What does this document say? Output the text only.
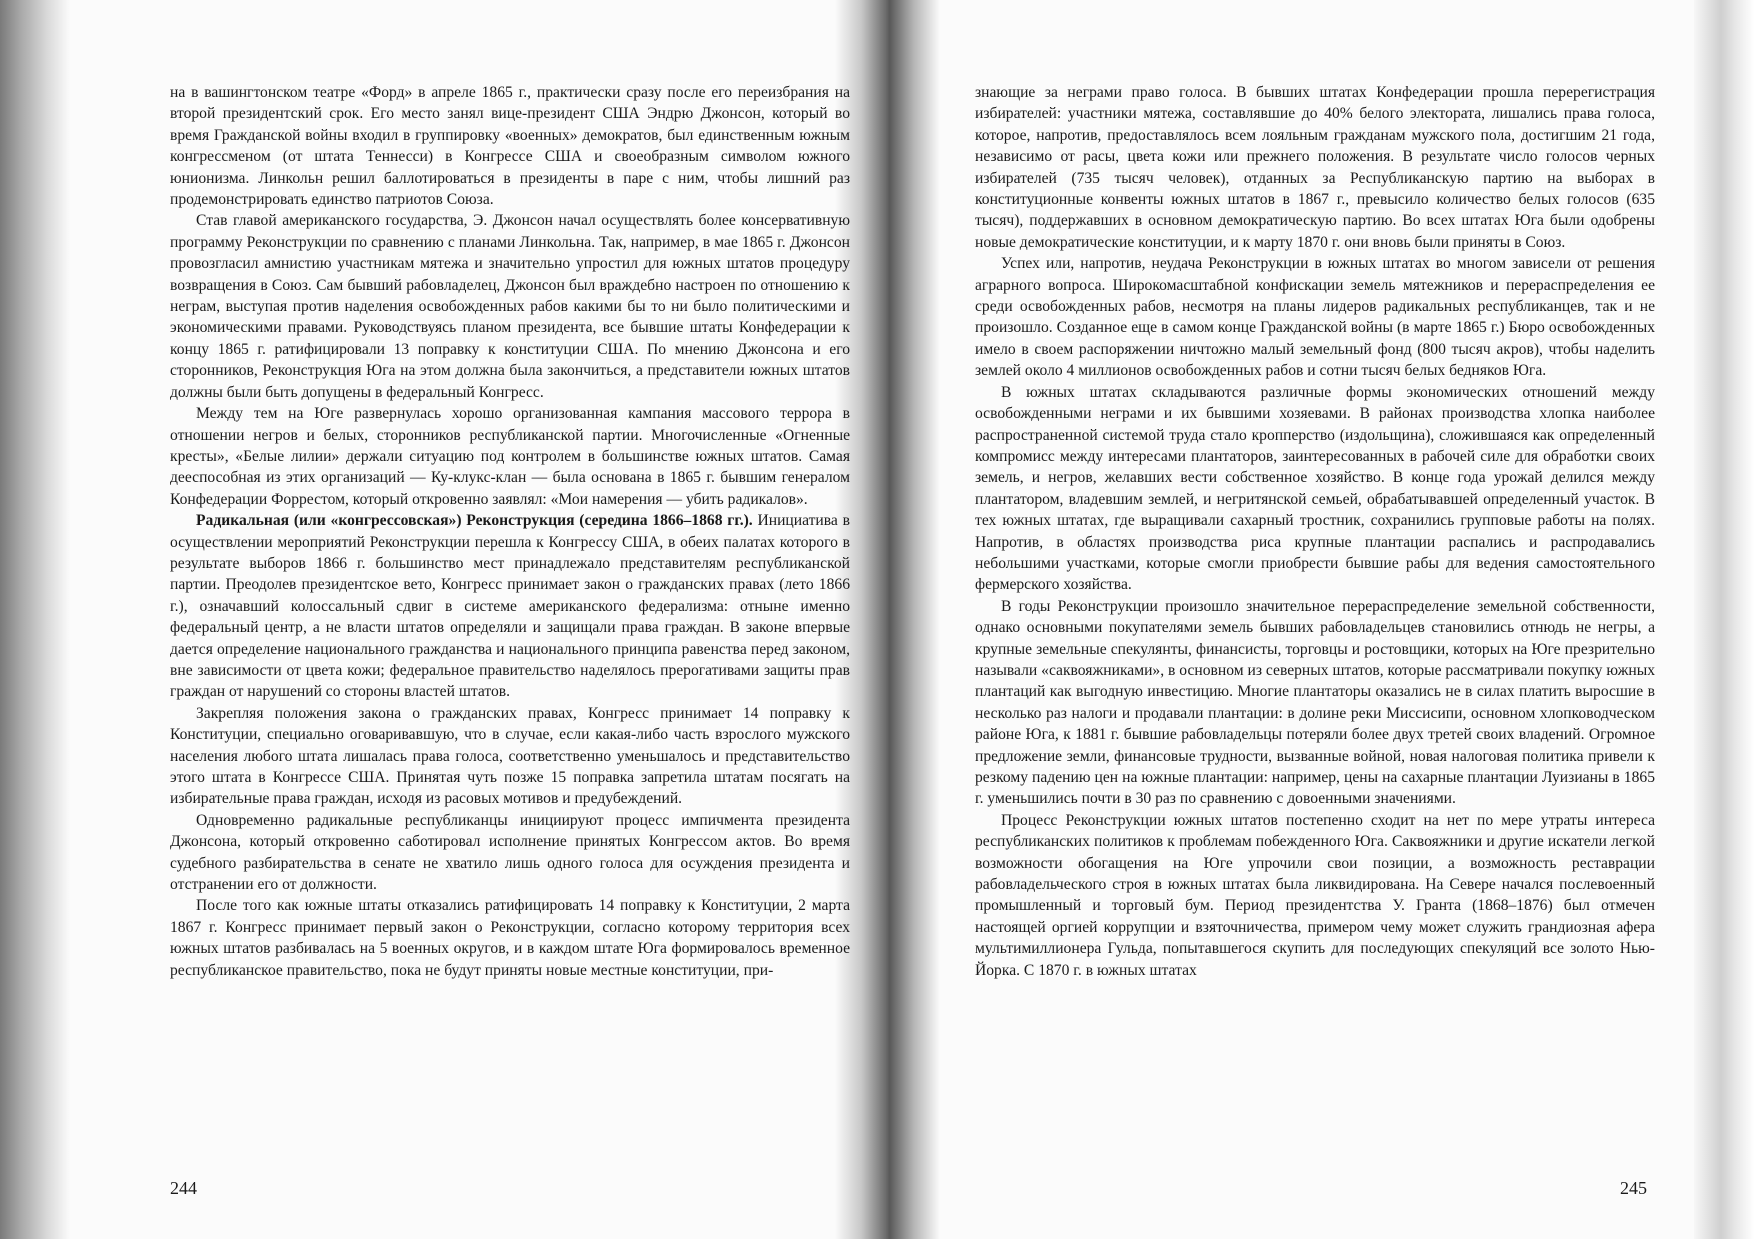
на в вашингтонском театре «Форд» в апреле 1865 г., практически сразу после его переизбрания на второй президентский срок. Его место занял вице-президент США Эндрю Джонсон, который во время Гражданской войны входил в группировку «военных» демократов, был единственным южным конгрессменом (от штата Теннесси) в Конгрессе США и своеобразным символом южного юнионизма. Линкольн решил баллотироваться в президенты в паре с ним, чтобы лишний раз продемонстрировать единство патриотов Союза.

Став главой американского государства, Э. Джонсон начал осуществлять более консервативную программу Реконструкции по сравнению с планами Линкольна. Так, например, в мае 1865 г. Джонсон провозгласил амнистию участникам мятежа и значительно упростил для южных штатов процедуру возвращения в Союз. Сам бывший рабовладелец, Джонсон был враждебно настроен по отношению к неграм, выступая против наделения освобожденных рабов какими бы то ни было политическими и экономическими правами. Руководствуясь планом президента, все бывшие штаты Конфедерации к концу 1865 г. ратифицировали 13 поправку к конституции США. По мнению Джонсона и его сторонников, Реконструкция Юга на этом должна была закончиться, а представители южных штатов должны были быть допущены в федеральный Конгресс.

Между тем на Юге развернулась хорошо организованная кампания массового террора в отношении негров и белых, сторонников республиканской партии. Многочисленные «Огненные кресты», «Белые лилии» держали ситуацию под контролем в большинстве южных штатов. Самая дееспособная из этих организаций — Ку-клукс-клан — была основана в 1865 г. бывшим генералом Конфедерации Форрестом, который откровенно заявлял: «Мои намерения — убить радикалов».

Радикальная (или «конгрессовская») Реконструкция (середина 1866–1868 гг.). Инициатива в осуществлении мероприятий Реконструкции перешла к Конгрессу США, в обеих палатах которого в результате выборов 1866 г. большинство мест принадлежало представителям республиканской партии. Преодолев президентское вето, Конгресс принимает закон о гражданских правах (лето 1866 г.), означавший колоссальный сдвиг в системе американского федерализма: отныне именно федеральный центр, а не власти штатов определяли и защищали права граждан. В законе впервые дается определение национального гражданства и национального принципа равенства перед законом, вне зависимости от цвета кожи; федеральное правительство наделялось прерогативами защиты прав граждан от нарушений со стороны властей штатов.

Закрепляя положения закона о гражданских правах, Конгресс принимает 14 поправку к Конституции, специально оговаривавшую, что в случае, если какая-либо часть взрослого мужского населения любого штата лишалась права голоса, соответственно уменьшалось и представительство этого штата в Конгрессе США. Принятая чуть позже 15 поправка запретила штатам посягать на избирательные права граждан, исходя из расовых мотивов и предубеждений.

Одновременно радикальные республиканцы инициируют процесс импичмента президента Джонсона, который откровенно саботировал исполнение принятых Конгрессом актов. Во время судебного разбирательства в сенате не хватило лишь одного голоса для осуждения президента и отстранении его от должности.

После того как южные штаты отказались ратифицировать 14 поправку к Конституции, 2 марта 1867 г. Конгресс принимает первый закон о Реконструкции, согласно которому территория всех южных штатов разбивалась на 5 военных округов, и в каждом штате Юга формировалось временное республиканское правительство, пока не будут приняты новые местные конституции, при-

244

знающие за неграми право голоса. В бывших штатах Конфедерации прошла перерегистрация избирателей: участники мятежа, составлявшие до 40% белого электората, лишались права голоса, которое, напротив, предоставлялось всем лояльным гражданам мужского пола, достигшим 21 года, независимо от расы, цвета кожи или прежнего положения. В результате число голосов черных избирателей (735 тысяч человек), отданных за Республиканскую партию на выборах в конституционные конвенты южных штатов в 1867 г., превысило количество белых голосов (635 тысяч), поддержавших в основном демократическую партию. Во всех штатах Юга были одобрены новые демократические конституции, и к марту 1870 г. они вновь были приняты в Союз.

Успех или, напротив, неудача Реконструкции в южных штатах во многом зависели от решения аграрного вопроса. Широкомасштабной конфискации земель мятежников и перераспределения ее среди освобожденных рабов, несмотря на планы лидеров радикальных республиканцев, так и не произошло. Созданное еще в самом конце Гражданской войны (в марте 1865 г.) Бюро освобожденных имело в своем распоряжении ничтожно малый земельный фонд (800 тысяч акров), чтобы наделить землей около 4 миллионов освобожденных рабов и сотни тысяч белых бедняков Юга.

В южных штатах складываются различные формы экономических отношений между освобожденными неграми и их бывшими хозяевами. В районах производства хлопка наиболее распространенной системой труда стало кропперство (издольщина), сложившаяся как определенный компромисс между интересами плантаторов, заинтересованных в рабочей силе для обработки своих земель, и негров, желавших вести собственное хозяйство. В конце года урожай делился между плантатором, владевшим землей, и негритянской семьей, обрабатывавшей определенный участок. В тех южных штатах, где выращивали сахарный тростник, сохранились групповые работы на полях. Напротив, в областях производства риса крупные плантации распались и распродавались небольшими участками, которые смогли приобрести бывшие рабы для ведения самостоятельного фермерского хозяйства.

В годы Реконструкции произошло значительное перераспределение земельной собственности, однако основными покупателями земель бывших рабовладельцев становились отнюдь не негры, а крупные земельные спекулянты, финансисты, торговцы и ростовщики, которых на Юге презрительно называли «саквояжниками», в основном из северных штатов, которые рассматривали покупку южных плантаций как выгодную инвестицию. Многие плантаторы оказались не в силах платить выросшие в несколько раз налоги и продавали плантации: в долине реки Миссисипи, основном хлопководческом районе Юга, к 1881 г. бывшие рабовладельцы потеряли более двух третей своих владений. Огромное предложение земли, финансовые трудности, вызванные войной, новая налоговая политика привели к резкому падению цен на южные плантации: например, цены на сахарные плантации Луизианы в 1865 г. уменьшились почти в 30 раз по сравнению с довоенными значениями.

Процесс Реконструкции южных штатов постепенно сходит на нет по мере утраты интереса республиканских политиков к проблемам побежденного Юга. Саквояжники и другие искатели легкой возможности обогащения на Юге упрочили свои позиции, а возможность реставрации рабовладельческого строя в южных штатах была ликвидирована. На Севере начался послевоенный промышленный и торговый бум. Период президентства У. Гранта (1868–1876) был отмечен настоящей оргией коррупции и взяточничества, примером чему может служить грандиозная афера мультимиллионера Гульда, попытавшегося скупить для последующих спекуляций все золото Нью-Йорка. С 1870 г. в южных штатах

245
